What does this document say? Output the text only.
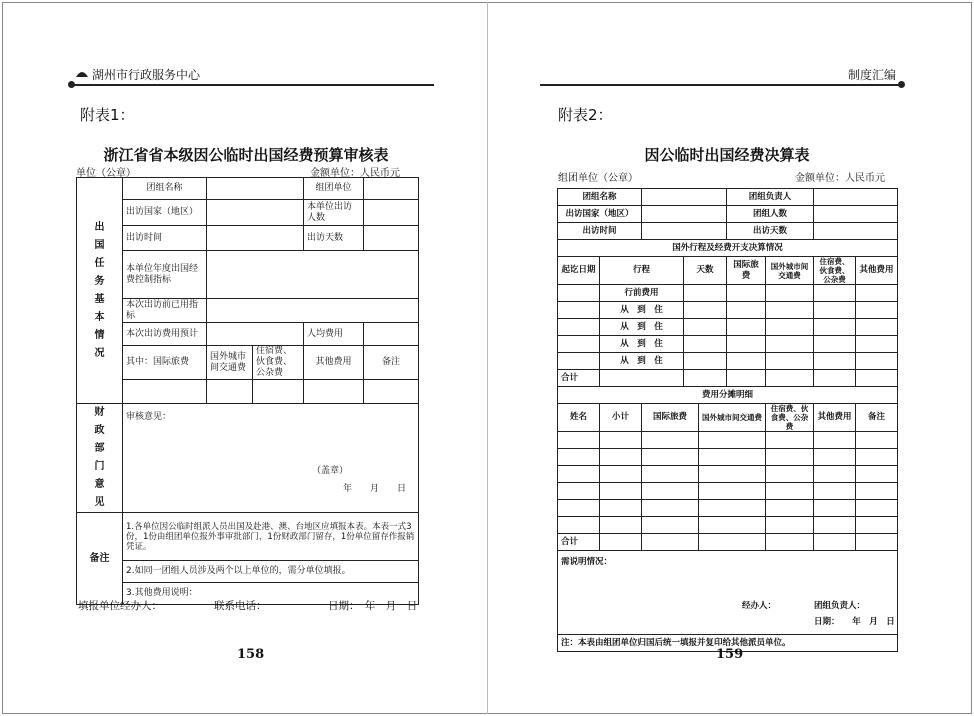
湖州市行政服务中心
附表1：
浙江省省本级因公临时出国经费预算审核表
单位（公章）	金额单位：人民币元
出国任务基本情况	团组名称			组团单位	
	出访国家（地区）			本单位出访人数	
	出访时间			出访天数	
	本单位年度出国经费控制指标				
	本次出访前已用指标				
	本次出访费用预计			人均费用	
	其中：国际旅费	国外城市间交通费	住宿费、伙食费、公杂费	其他费用	备注

财政部门意见	审核意见：
（盖章）
年　　月　　日				

备注	1.各单位因公临时组派人员出国及赴港、澳、台地区应填报本表。本表一式3份，1份由组团单位报外事审批部门，1份财政部门留存，1份单位留存作报销凭证。				
	2.如同一团组人员涉及两个以上单位的，需分单位填报。				
	3.其他费用说明：				
填报单位经办人：	联系电话：	日期：　年　月　日
158
制度汇编
附表2：
因公临时出国经费决算表
组团单位（公章）	金额单位：人民币元
团组名称					团组负责人			
出访国家（地区）					团组人数			
出访时间					出访天数			
国外行程及经费开支决算情况								
起讫日期	行程		天数		国际旅费	国外城市间交通费	住宿费、伙食费、公杂费	其他费用
	行前费用							
	从　到　住							
	从　到　住							
	从　到　住							
	从　到　住							
合计								
费用分摊明细								
姓名	小计	国际旅费		国外城市间交通费		住宿费、伙食费、公杂费	其他费用	备注

合计								

需说明情况：
经办人： 团组负责人：
日期：　　年　月　日								

注：本表由组团单位归国后统一填报并复印给其他派员单位。								
159
